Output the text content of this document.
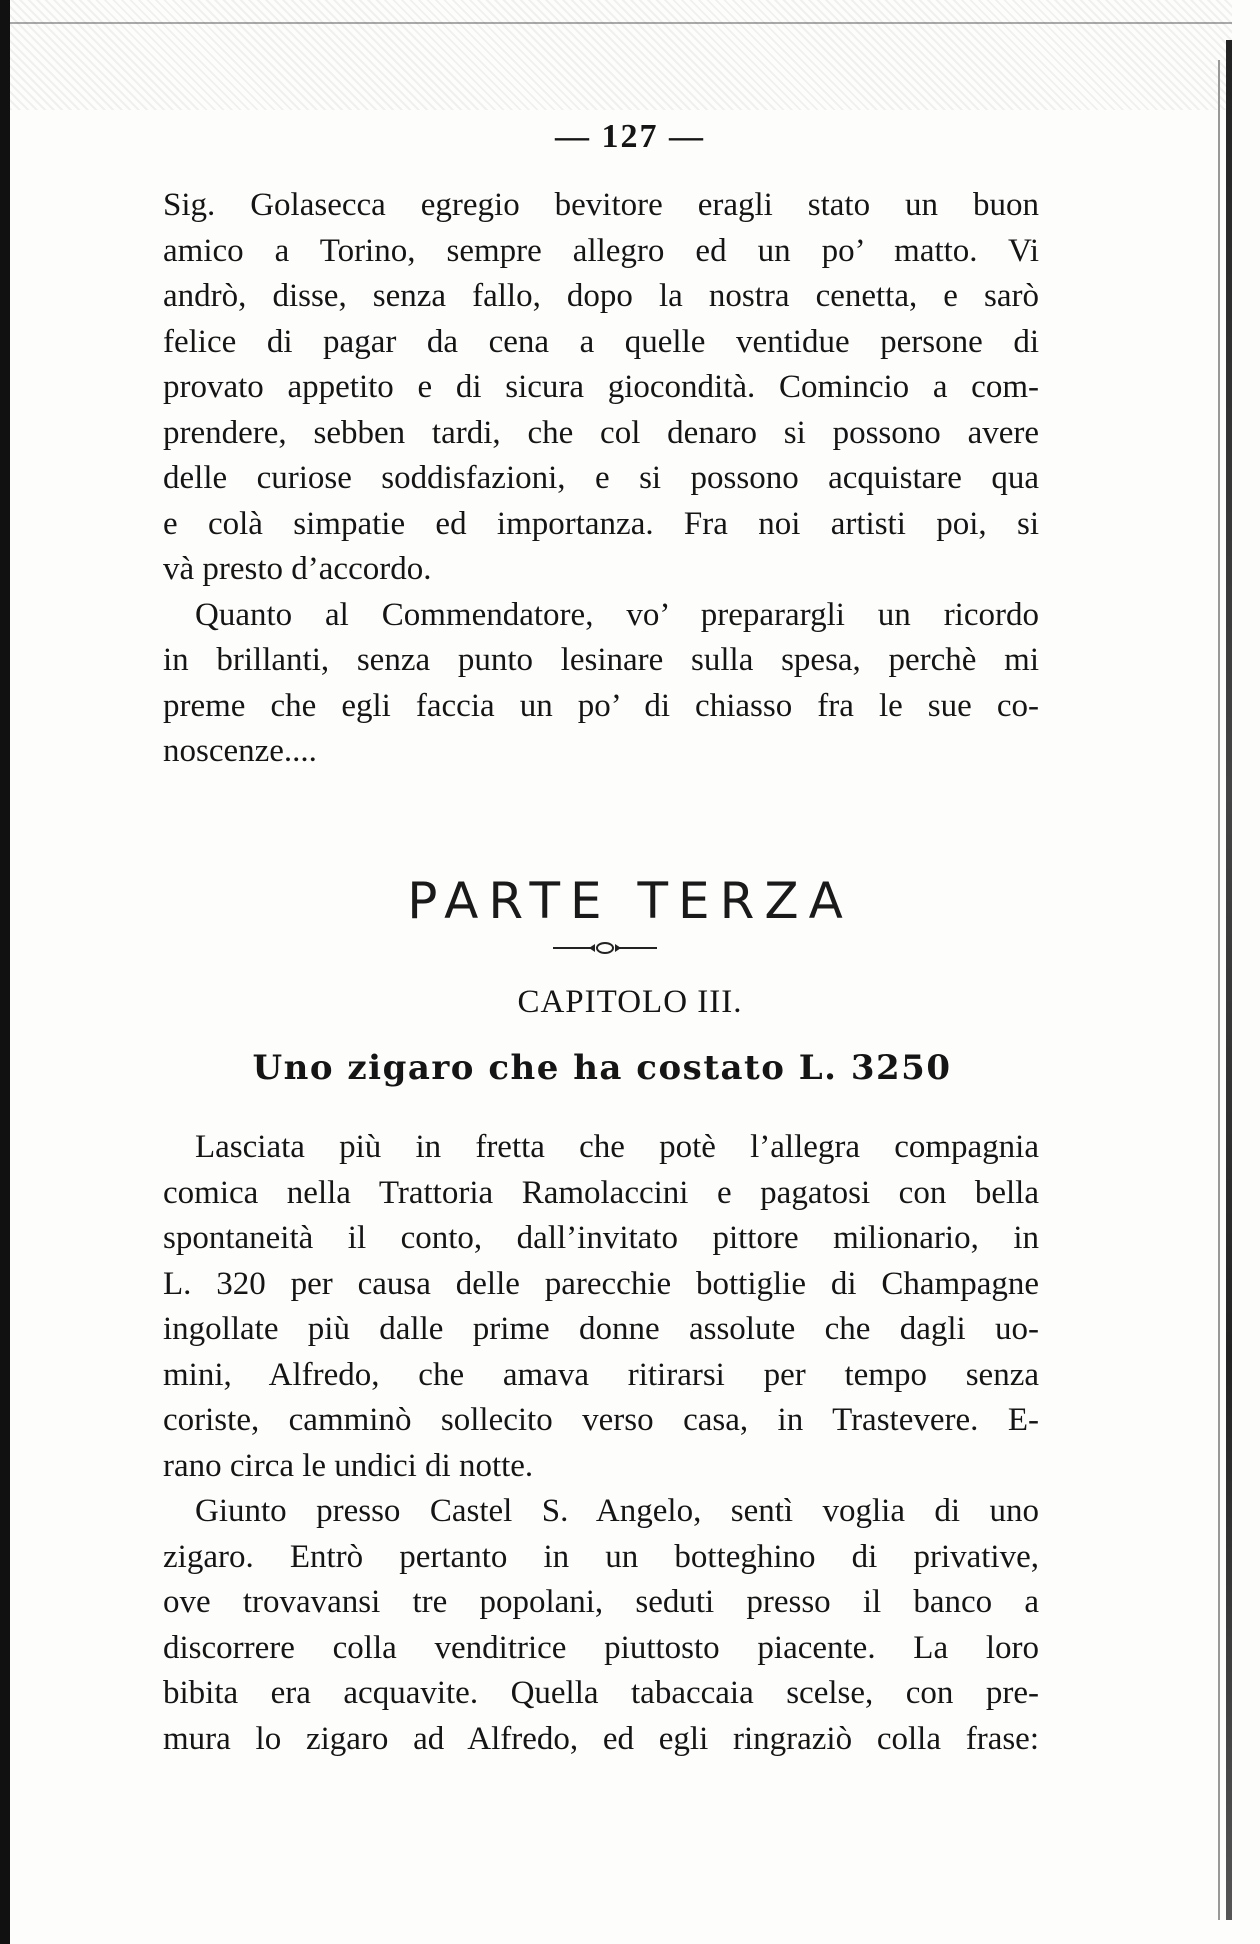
— 127 —
Sig. Golasecca egregio bevitore eragli stato un buon
amico a Torino, sempre allegro ed un po’ matto. Vi
andrò, disse, senza fallo, dopo la nostra cenetta, e sarò
felice di pagar da cena a quelle ventidue persone di
provato appetito e di sicura giocondità. Comincio a com-
prendere, sebben tardi, che col denaro si possono avere
delle curiose soddisfazioni, e si possono acquistare qua
e colà simpatie ed importanza. Fra noi artisti poi, si
và presto d’accordo.
Quanto al Commendatore, vo’ preparargli un ricordo
in brillanti, senza punto lesinare sulla spesa, perchè mi
preme che egli faccia un po’ di chiasso fra le sue co-
noscenze....
PARTE TERZA
CAPITOLO III.
Uno zigaro che ha costato L. 3250
Lasciata più in fretta che potè l’allegra compagnia
comica nella Trattoria Ramolaccini e pagatosi con bella
spontaneità il conto, dall’invitato pittore milionario, in
L. 320 per causa delle parecchie bottiglie di Champagne
ingollate più dalle prime donne assolute che dagli uo-
mini, Alfredo, che amava ritirarsi per tempo senza
coriste, camminò sollecito verso casa, in Trastevere. E-
rano circa le undici di notte.
Giunto presso Castel S. Angelo, sentì voglia di uno
zigaro. Entrò pertanto in un botteghino di privative,
ove trovavansi tre popolani, seduti presso il banco a
discorrere colla venditrice piuttosto piacente. La loro
bibita era acquavite. Quella tabaccaia scelse, con pre-
mura lo zigaro ad Alfredo, ed egli ringraziò colla frase:
